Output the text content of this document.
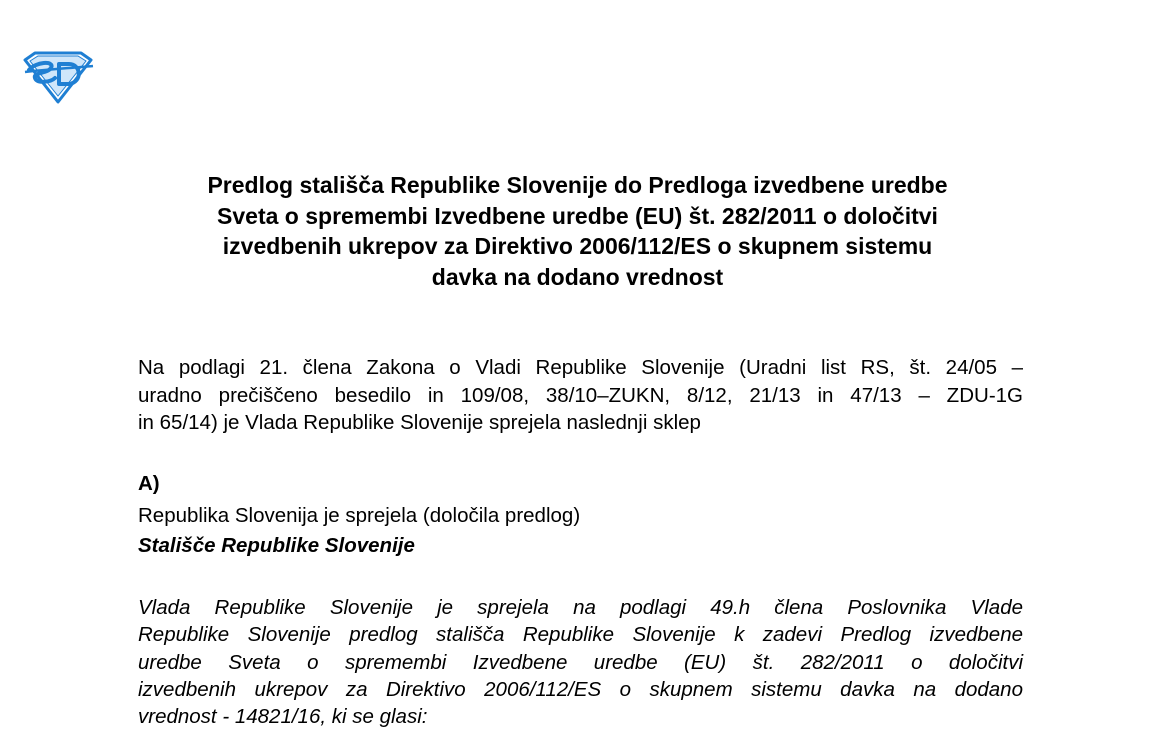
Predlog stališča Republike Slovenije do Predloga izvedbene uredbe
Sveta o spremembi Izvedbene uredbe (EU) št. 282/2011 o določitvi
izvedbenih ukrepov za Direktivo 2006/112/ES o skupnem sistemu
davka na dodano vrednost

Na podlagi 21. člena Zakona o Vladi Republike Slovenije (Uradni list RS, št. 24/05 –
uradno prečiščeno besedilo in 109/08, 38/10–ZUKN, 8/12, 21/13 in 47/13 – ZDU-1G
in 65/14) je Vlada Republike Slovenije sprejela naslednji sklep

A)

Republika Slovenija je sprejela (določila predlog)

Stališče Republike Slovenije

Vlada Republike Slovenije je sprejela na podlagi 49.h člena Poslovnika Vlade
Republike Slovenije predlog stališča Republike Slovenije k zadevi Predlog izvedbene
uredbe Sveta o spremembi Izvedbene uredbe (EU) št. 282/2011 o določitvi
izvedbenih ukrepov za Direktivo 2006/112/ES o skupnem sistemu davka na dodano
vrednost - 14821/16, ki se glasi:
